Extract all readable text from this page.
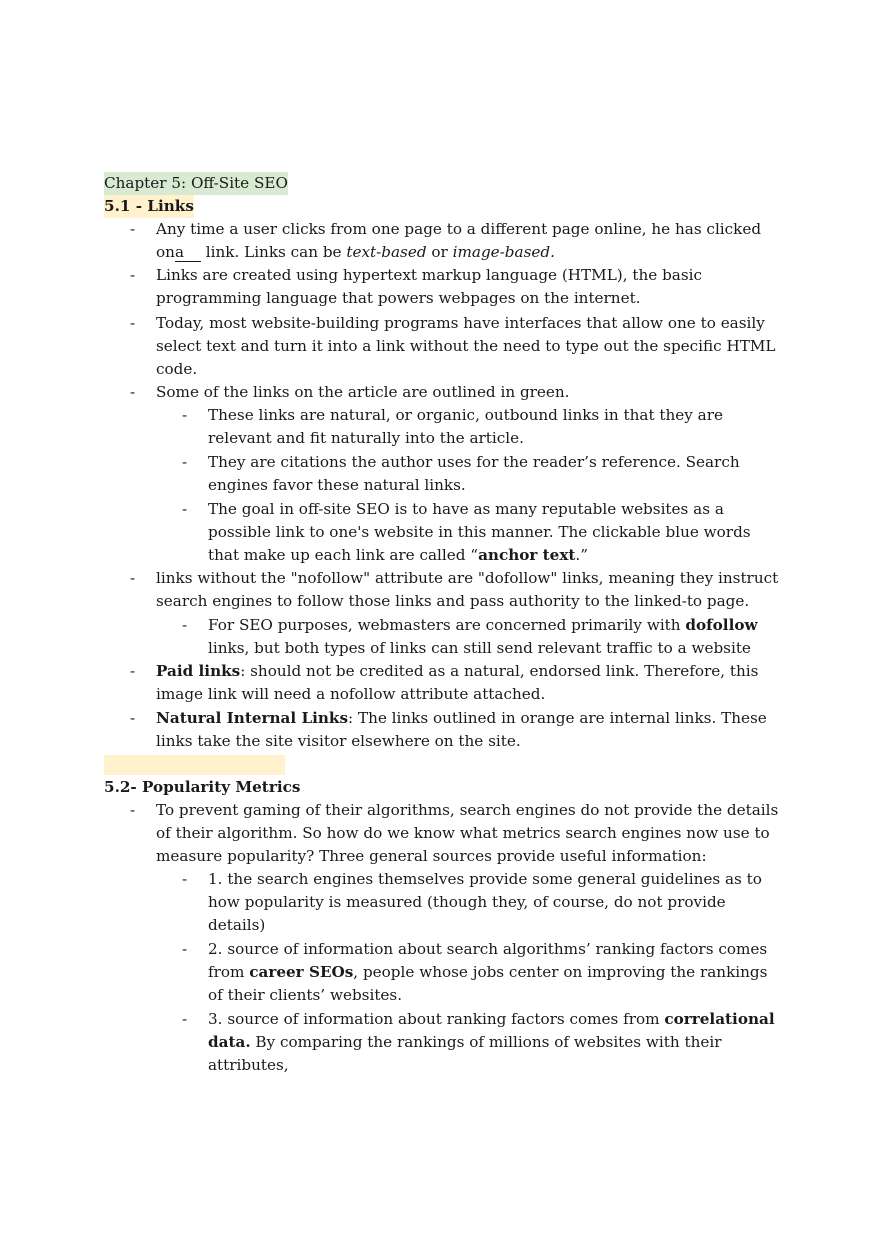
Chapter 5: Off-Site SEO
5.1 - Links
- Any time a user clicks from one page to a different page online, he has clicked ona link. Links can be text-based or image-based.
- Links are created using hypertext markup language (HTML), the basic programming language that powers webpages on the internet.
- Today, most website-building programs have interfaces that allow one to easily select text and turn it into a link without the need to type out the specific HTML code.
- Some of the links on the article are outlined in green.
- These links are natural, or organic, outbound links in that they are relevant and fit naturally into the article.
- They are citations the author uses for the reader’s reference. Search engines favor these natural links.
- The goal in off-site SEO is to have as many reputable websites as a possible link to one's website in this manner. The clickable blue words that make up each link are called “anchor text.”
- links without the "nofollow" attribute are "dofollow" links, meaning they instruct search engines to follow those links and pass authority to the linked-to page.
- For SEO purposes, webmasters are concerned primarily with dofollow links, but both types of links can still send relevant traffic to a website
- Paid links: should not be credited as a natural, endorsed link. Therefore, this image link will need a nofollow attribute attached.
- Natural Internal Links: The links outlined in orange are internal links. These links take the site visitor elsewhere on the site.
5.2- Popularity Metrics
- To prevent gaming of their algorithms, search engines do not provide the details of their algorithm. So how do we know what metrics search engines now use to measure popularity? Three general sources provide useful information:
- 1. the search engines themselves provide some general guidelines as to how popularity is measured (though they, of course, do not provide details)
- 2. source of information about search algorithms’ ranking factors comes from career SEOs, people whose jobs center on improving the rankings of their clients’ websites.
- 3. source of information about ranking factors comes from correlational data. By comparing the rankings of millions of websites with their attributes,
